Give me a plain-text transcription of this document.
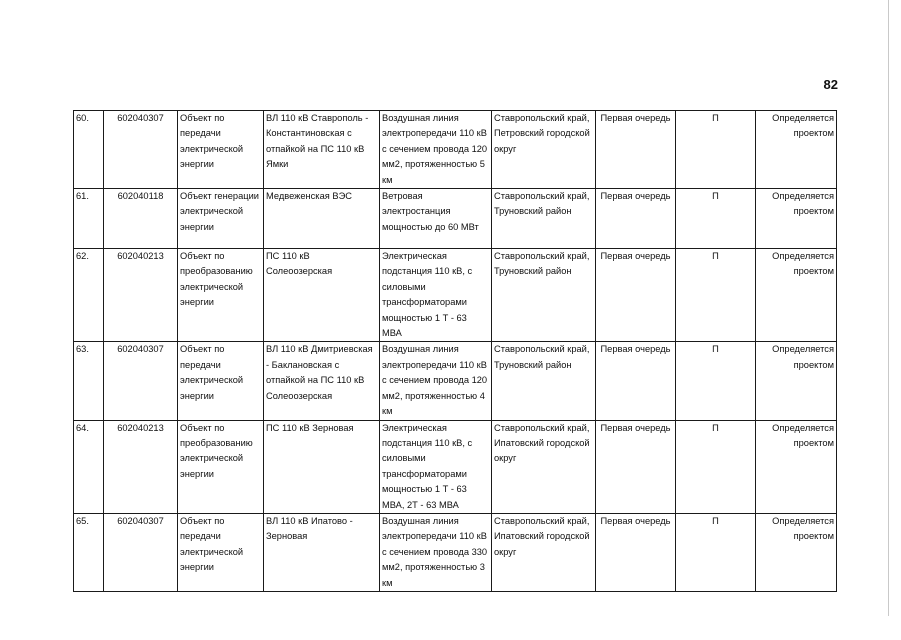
82
60.	602040307	Объект по передачи электрической энергии	ВЛ 110 кВ Ставрополь - Константиновская с отпайкой на ПС 110 кВ Ямки	Воздушная линия электропередачи 110 кВ с сечением провода 120 мм2, протяженностью 5 км	Ставропольский край, Петровский городской округ	Первая очередь	П	Определяется проектом
61.	602040118	Объект генерации электрической энергии	Медвеженская ВЭС	Ветровая электростанция мощностью до 60 МВт	Ставропольский край, Труновский район	Первая очередь	П	Определяется проектом
62.	602040213	Объект по преобразованию электрической энергии	ПС 110 кВ Солеоозерская	Электрическая подстанция 110 кВ, с силовыми трансформаторами мощностью 1 Т - 63 МВА	Ставропольский край, Труновский район	Первая очередь	П	Определяется проектом
63.	602040307	Объект по передачи электрической энергии	ВЛ 110 кВ Дмитриевская - Баклановская с отпайкой на ПС 110 кВ Солеоозерская	Воздушная линия электропередачи 110 кВ с сечением провода 120 мм2, протяженностью 4 км	Ставропольский край, Труновский район	Первая очередь	П	Определяется проектом
64.	602040213	Объект по преобразованию электрической энергии	ПС 110 кВ Зерновая	Электрическая подстанция 110 кВ, с силовыми трансформаторами мощностью 1 Т - 63 МВА, 2Т - 63 МВА	Ставропольский край, Ипатовский городской округ	Первая очередь	П	Определяется проектом
65.	602040307	Объект по передачи электрической энергии	ВЛ 110 кВ Ипатово - Зерновая	Воздушная линия электропередачи 110 кВ с сечением провода 330 мм2, протяженностью 3 км	Ставропольский край, Ипатовский городской округ	Первая очередь	П	Определяется проектом
